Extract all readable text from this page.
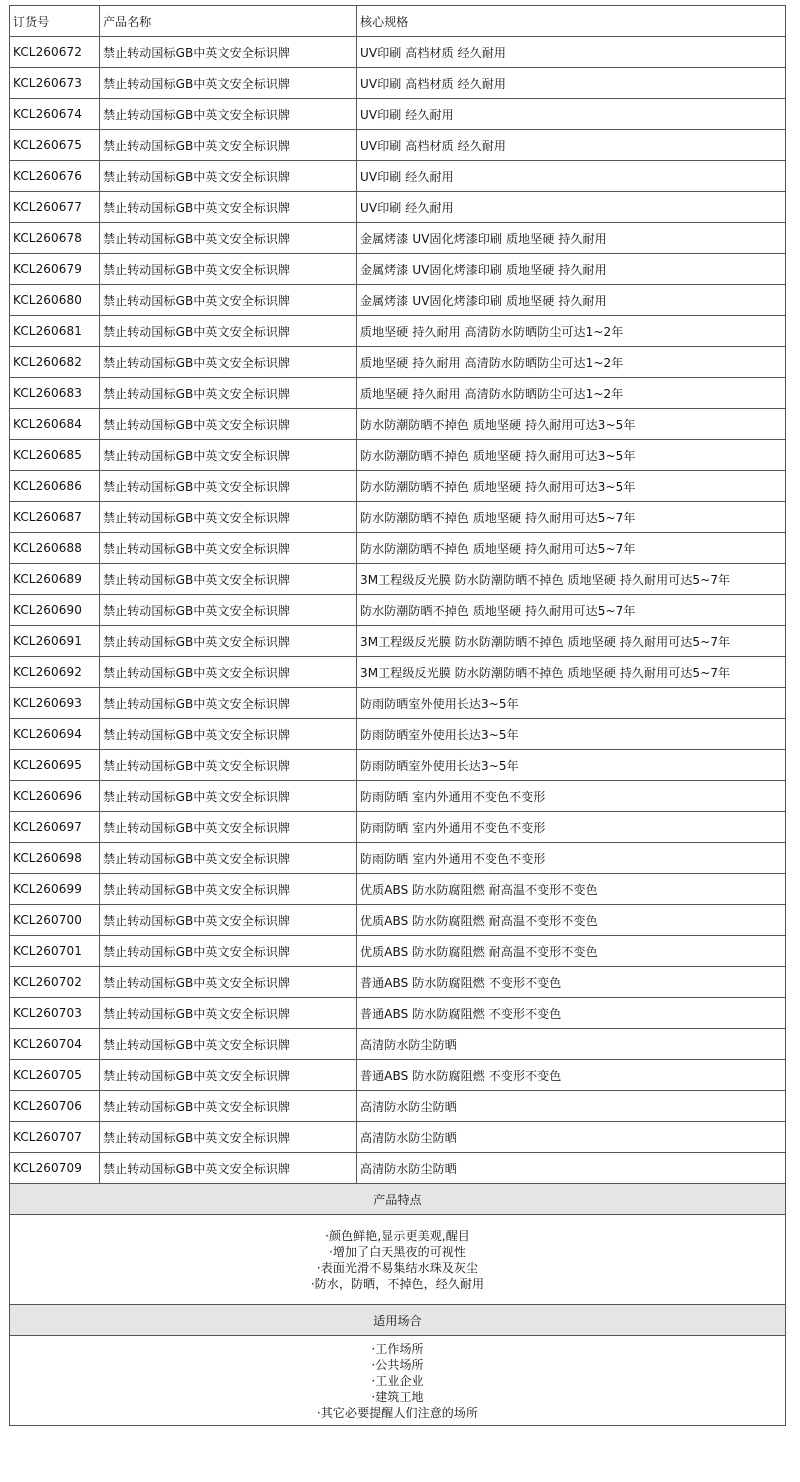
订货号	产品名称	核心规格
KCL260672	禁止转动国标GB中英文安全标识牌	UV印刷 高档材质 经久耐用
KCL260673	禁止转动国标GB中英文安全标识牌	UV印刷 高档材质 经久耐用
KCL260674	禁止转动国标GB中英文安全标识牌	UV印刷 经久耐用
KCL260675	禁止转动国标GB中英文安全标识牌	UV印刷 高档材质 经久耐用
KCL260676	禁止转动国标GB中英文安全标识牌	UV印刷 经久耐用
KCL260677	禁止转动国标GB中英文安全标识牌	UV印刷 经久耐用
KCL260678	禁止转动国标GB中英文安全标识牌	金属烤漆 UV固化烤漆印刷 质地坚硬 持久耐用
KCL260679	禁止转动国标GB中英文安全标识牌	金属烤漆 UV固化烤漆印刷 质地坚硬 持久耐用
KCL260680	禁止转动国标GB中英文安全标识牌	金属烤漆 UV固化烤漆印刷 质地坚硬 持久耐用
KCL260681	禁止转动国标GB中英文安全标识牌	质地坚硬 持久耐用 高清防水防晒防尘可达1~2年
KCL260682	禁止转动国标GB中英文安全标识牌	质地坚硬 持久耐用 高清防水防晒防尘可达1~2年
KCL260683	禁止转动国标GB中英文安全标识牌	质地坚硬 持久耐用 高清防水防晒防尘可达1~2年
KCL260684	禁止转动国标GB中英文安全标识牌	防水防潮防晒不掉色 质地坚硬 持久耐用可达3~5年
KCL260685	禁止转动国标GB中英文安全标识牌	防水防潮防晒不掉色 质地坚硬 持久耐用可达3~5年
KCL260686	禁止转动国标GB中英文安全标识牌	防水防潮防晒不掉色 质地坚硬 持久耐用可达3~5年
KCL260687	禁止转动国标GB中英文安全标识牌	防水防潮防晒不掉色 质地坚硬 持久耐用可达5~7年
KCL260688	禁止转动国标GB中英文安全标识牌	防水防潮防晒不掉色 质地坚硬 持久耐用可达5~7年
KCL260689	禁止转动国标GB中英文安全标识牌	3M工程级反光膜 防水防潮防晒不掉色 质地坚硬 持久耐用可达5~7年
KCL260690	禁止转动国标GB中英文安全标识牌	防水防潮防晒不掉色 质地坚硬 持久耐用可达5~7年
KCL260691	禁止转动国标GB中英文安全标识牌	3M工程级反光膜 防水防潮防晒不掉色 质地坚硬 持久耐用可达5~7年
KCL260692	禁止转动国标GB中英文安全标识牌	3M工程级反光膜 防水防潮防晒不掉色 质地坚硬 持久耐用可达5~7年
KCL260693	禁止转动国标GB中英文安全标识牌	防雨防晒室外使用长达3~5年
KCL260694	禁止转动国标GB中英文安全标识牌	防雨防晒室外使用长达3~5年
KCL260695	禁止转动国标GB中英文安全标识牌	防雨防晒室外使用长达3~5年
KCL260696	禁止转动国标GB中英文安全标识牌	防雨防晒 室内外通用不变色不变形
KCL260697	禁止转动国标GB中英文安全标识牌	防雨防晒 室内外通用不变色不变形
KCL260698	禁止转动国标GB中英文安全标识牌	防雨防晒 室内外通用不变色不变形
KCL260699	禁止转动国标GB中英文安全标识牌	优质ABS 防水防腐阻燃 耐高温不变形不变色
KCL260700	禁止转动国标GB中英文安全标识牌	优质ABS 防水防腐阻燃 耐高温不变形不变色
KCL260701	禁止转动国标GB中英文安全标识牌	优质ABS 防水防腐阻燃 耐高温不变形不变色
KCL260702	禁止转动国标GB中英文安全标识牌	普通ABS 防水防腐阻燃 不变形不变色
KCL260703	禁止转动国标GB中英文安全标识牌	普通ABS 防水防腐阻燃 不变形不变色
KCL260704	禁止转动国标GB中英文安全标识牌	高清防水防尘防晒
KCL260705	禁止转动国标GB中英文安全标识牌	普通ABS 防水防腐阻燃 不变形不变色
KCL260706	禁止转动国标GB中英文安全标识牌	高清防水防尘防晒
KCL260707	禁止转动国标GB中英文安全标识牌	高清防水防尘防晒
KCL260709	禁止转动国标GB中英文安全标识牌	高清防水防尘防晒
产品特点		

·颜色鲜艳,显示更美观,醒目
·增加了白天黑夜的可视性
·表面光滑不易集结水珠及灰尘
·防水，防晒，不掉色，经久耐用		

适用场合		

·工作场所
·公共场所
·工业企业
·建筑工地
·其它必要提醒人们注意的场所		
